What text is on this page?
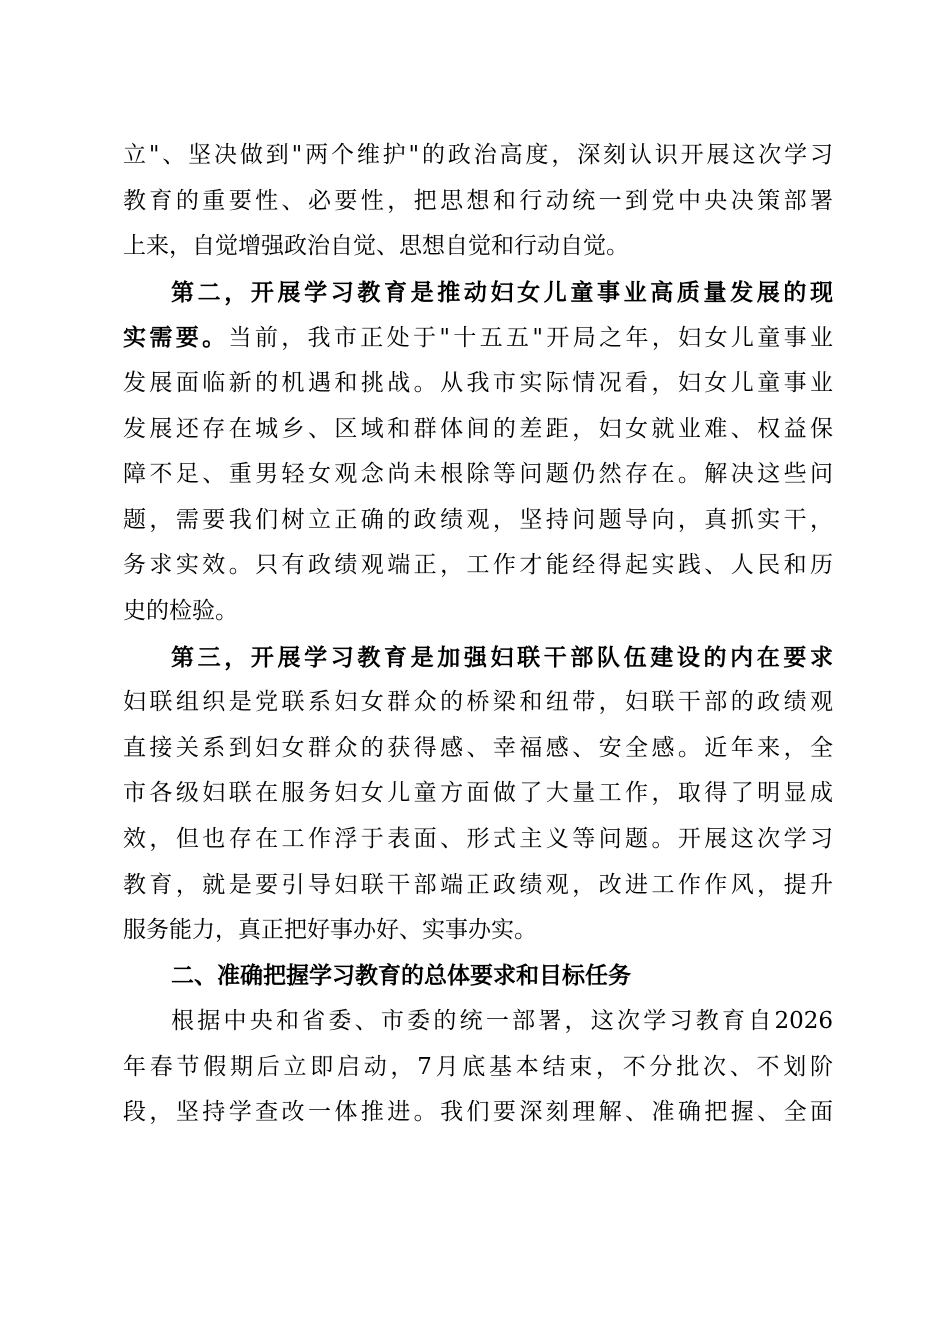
立"、坚决做到"两个维护"的政治高度，深刻认识开展这次学习
教育的重要性、必要性，把思想和行动统一到党中央决策部署
上来，自觉增强政治自觉、思想自觉和行动自觉。
第二，开展学习教育是推动妇女儿童事业高质量发展的现
实需要。当前，我市正处于"十五五"开局之年，妇女儿童事业
发展面临新的机遇和挑战。从我市实际情况看，妇女儿童事业
发展还存在城乡、区域和群体间的差距，妇女就业难、权益保
障不足、重男轻女观念尚未根除等问题仍然存在。解决这些问
题，需要我们树立正确的政绩观，坚持问题导向，真抓实干，
务求实效。只有政绩观端正，工作才能经得起实践、人民和历
史的检验。
第三，开展学习教育是加强妇联干部队伍建设的内在要求
妇联组织是党联系妇女群众的桥梁和纽带，妇联干部的政绩观
直接关系到妇女群众的获得感、幸福感、安全感。近年来，全
市各级妇联在服务妇女儿童方面做了大量工作，取得了明显成
效，但也存在工作浮于表面、形式主义等问题。开展这次学习
教育，就是要引导妇联干部端正政绩观，改进工作作风，提升
服务能力，真正把好事办好、实事办实。
二、准确把握学习教育的总体要求和目标任务
根据中央和省委、市委的统一部署，这次学习教育自2026
年春节假期后立即启动，7月底基本结束，不分批次、不划阶
段，坚持学查改一体推进。我们要深刻理解、准确把握、全面
